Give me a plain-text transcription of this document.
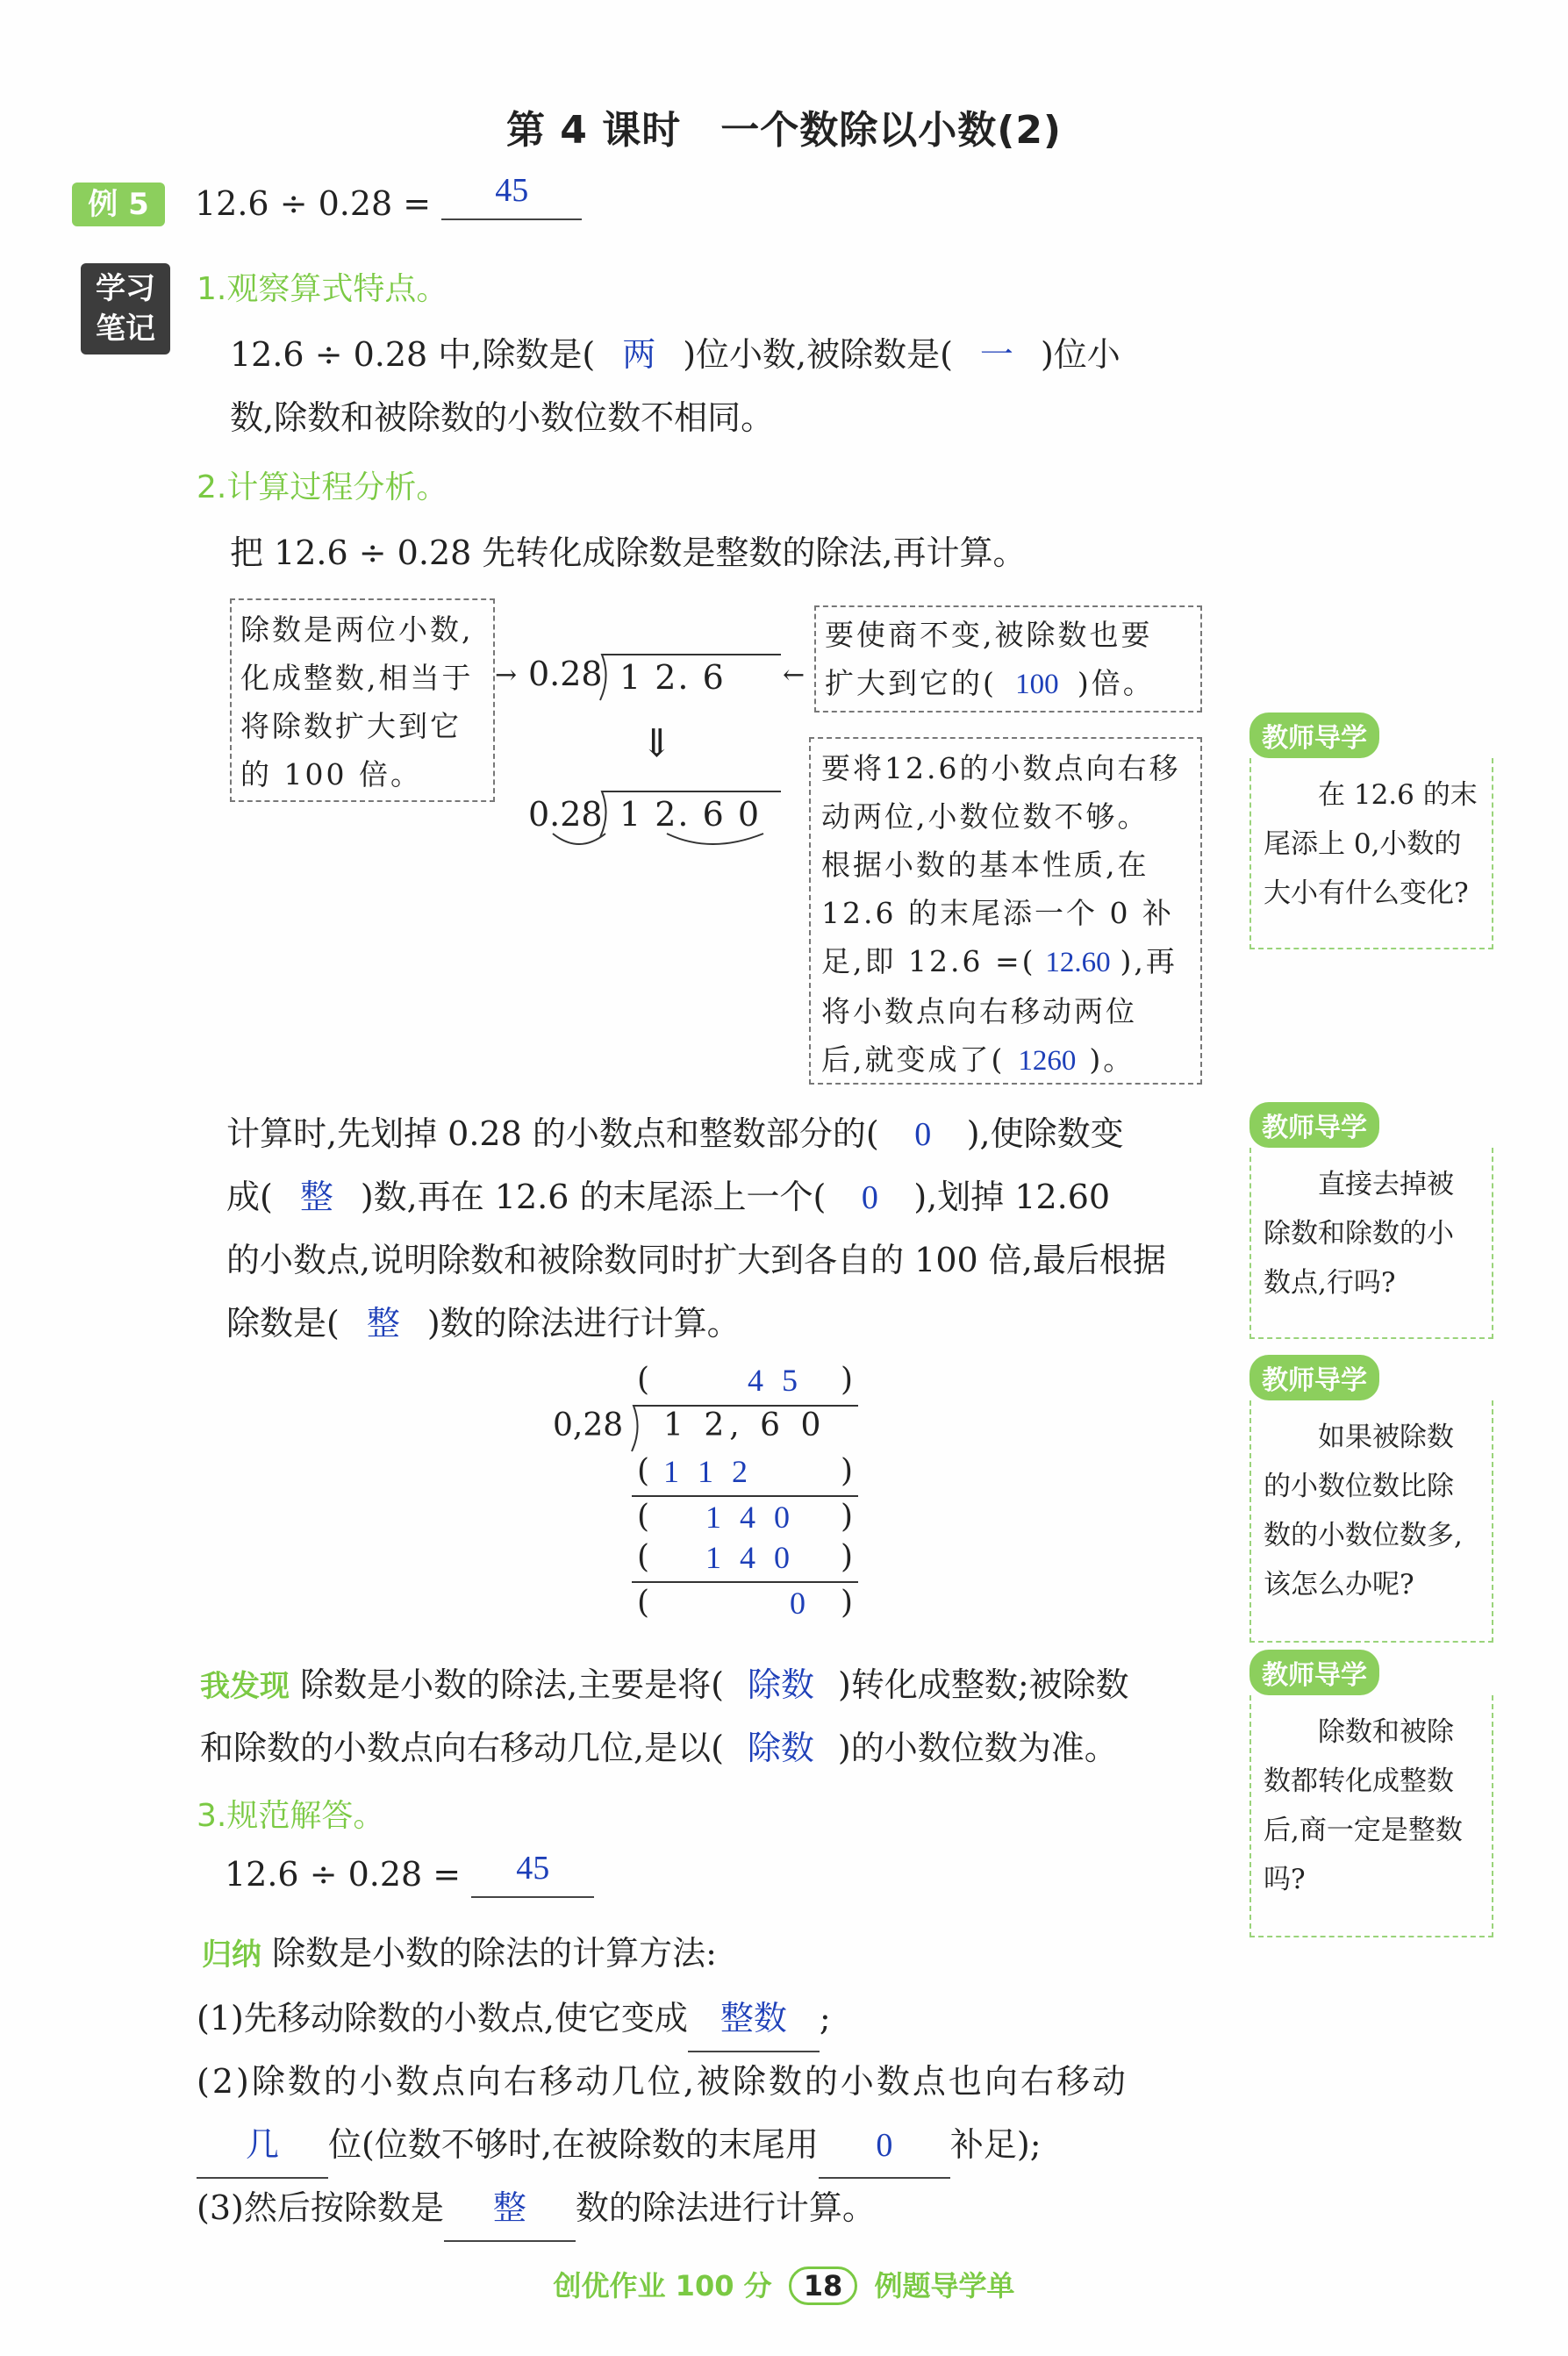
第 4 课时　一个数除以小数(2)
例 5	12.6 ÷ 0.28 = 45
学习
笔记
1.观察算式特点。
12.6 ÷ 0.28 中,除数是( 两 )位小数,被除数是( 一 )位小
数,除数和被除数的小数位数不相同。
2.计算过程分析。
把 12.6 ÷ 0.28 先转化成除数是整数的除法,再计算。
除数是两位小数,
化成整数,相当于
将除数扩大到它
的 100 倍。
→ 0.28 1 2. 6 ←
要使商不变,被除数也要
扩大到它的( 100 )倍。
⇓
0.28 1 2. 6 0
要将12.6的小数点向右移
动两位,小数位数不够。
根据小数的基本性质,在
12.6 的末尾添一个 0 补
足,即 12.6 =( 12.60 ),再
将小数点向右移动两位
后,就变成了( 1260 )。
计算时,先划掉 0.28 的小数点和整数部分的( 0 ),使除数变
成( 整 )数,再在 12.6 的末尾添上一个( 0 ),划掉 12.60
的小数点,说明除数和被除数同时扩大到各自的 100 倍,最后根据
除数是( 整 )数的除法进行计算。
(	4 5 )
0,28 1 2, 6 0
( 1 1 2	)
( 1 4 0 )
( 1 4 0 )
(	0 )
我发现 除数是小数的除法,主要是将( 除数 )转化成整数;被除数
和除数的小数点向右移动几位,是以( 除数 )的小数位数为准。
3.规范解答。
12.6 ÷ 0.28 = 45
归纳 除数是小数的除法的计算方法:
(1)先移动除数的小数点,使它变成 整数 ;
(2)除数的小数点向右移动几位,被除数的小数点也向右移动
几 位(位数不够时,在被除数的末尾用 0 补足);
(3)然后按除数是 整 数的除法进行计算。
教师导学
在 12.6 的末尾添上 0,小数的大小有什么变化?
教师导学
直接去掉被除数和除数的小数点,行吗?
教师导学
如果被除数的小数位数比除数的小数位数多,该怎么办呢?
教师导学
除数和被除数都转化成整数后,商一定是整数吗?
创优作业 100 分 18 例题导学单
